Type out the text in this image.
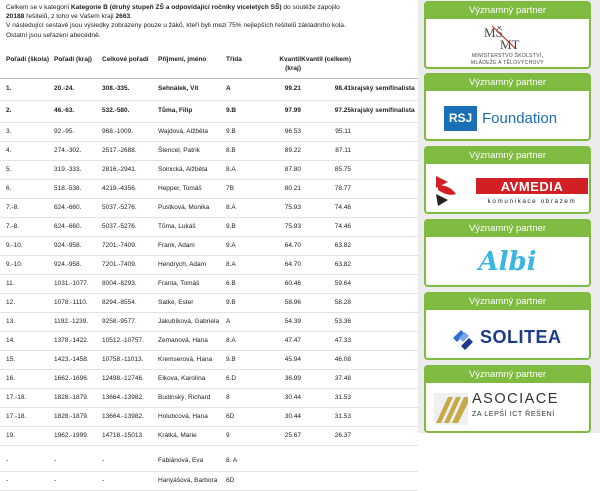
Celkem se v kategorii Kategorie B (druhý stupeň ZŠ a odpovídající ročníky víceletých SŠ) do soutěže zapojilo
20188 řešitelů, z toho ve Vašem kraji 2663.
V následující sestavě jsou výsledky zobrazeny pouze u žáků, kteří byli mezi 75% nejlepších řešitelů základního kola.
Ostatní jsou seřazeni abecedně.
	Pořadí (škola)	Pořadí (kraj)	Celkové pořadí	Příjmení, jméno	Třída	Kvantil (kraj)	Kvantil (celkem)	
	1.	20.-24.	308.-335.	Sehnálek, Vít	A	99.21	98.41	krajský semifinalista
	2.	46.-63.	532.-580.	Tůma, Filip	9.B	97.99	97.25	krajský semifinalista
	3.	92.-95.	968.-1009.	Wajdová, Alžběta	9.B	96.53	95.11	
	4.	274.-302.	2517.-2688.	Štencel, Patrik	8.B	89.22	87.11	
	5.	319.-333.	2816.-2941.	Solnická, Alžběta	8.A	87.80	85.75	
	6.	518.-538.	4219.-4356.	Hepper, Tomáš	7B	80.21	78.77	
	7.-8.	624.-660.	5037.-5276.	Pustková, Monika	8.A	75.93	74.46	
	7.-8.	624.-660.	5037.-5276.	Tůma, Lukáš	9.B	75.93	74.46	
	9.-10.	924.-958.	7201.-7409.	Frank, Adam	9.A	64.70	63.82	
	9.-10.	924.-958.	7201.-7409.	Hendrych, Adam	8.A	64.70	63.82	
	11.	1031.-1077.	8004.-8293.	Franta, Tomáš	6.B	60.46	59.64	
	12.	1078.-1110.	8294.-8554.	Satke, Ester	9.B	58.96	58.28	
	13.	1192.-1239.	9258.-9577.	Jakubíková, Gabriela	A	54.39	53.36	
	14.	1378.-1422.	10512.-10757.	Zemanová, Hana	8.A	47.47	47.33	
	15.	1423.-1458.	10758.-11013.	Kremserová, Hana	9.B	45.94	46.08	
	16.	1662.-1696.	12498.-12746.	Elkova, Karolína	6.D	36.99	37.48	
	17.-18.	1828.-1879.	13664.-13982.	Budinský, Richard	8	30.44	31.53	
	17.-18.	1828.-1879.	13664.-13982.	Holubcová, Hana	6D	30.44	31.53	
	19.	1962.-1999.	14718.-15013.	Krátká, Marie	9	25.67	26.37	

	-	-	-	Fabiánová, Eva	8. A			
	-	-	-	Hanyášová, Barbora	6D			
Významný partner
MŠ
MT
MINISTERSTVO ŠKOLSTVÍ,
MLÁDEŽE A TĚLOVÝCHOVY
Významný partner
RSJ Foundation
Významný partner
AVMEDIA
komunikace obrazem
Významný partner
Albi
Významný partner
SOLITEA
Významný partner
ASOCIACE
ZA LEPŠÍ ICT ŘEŠENÍ
